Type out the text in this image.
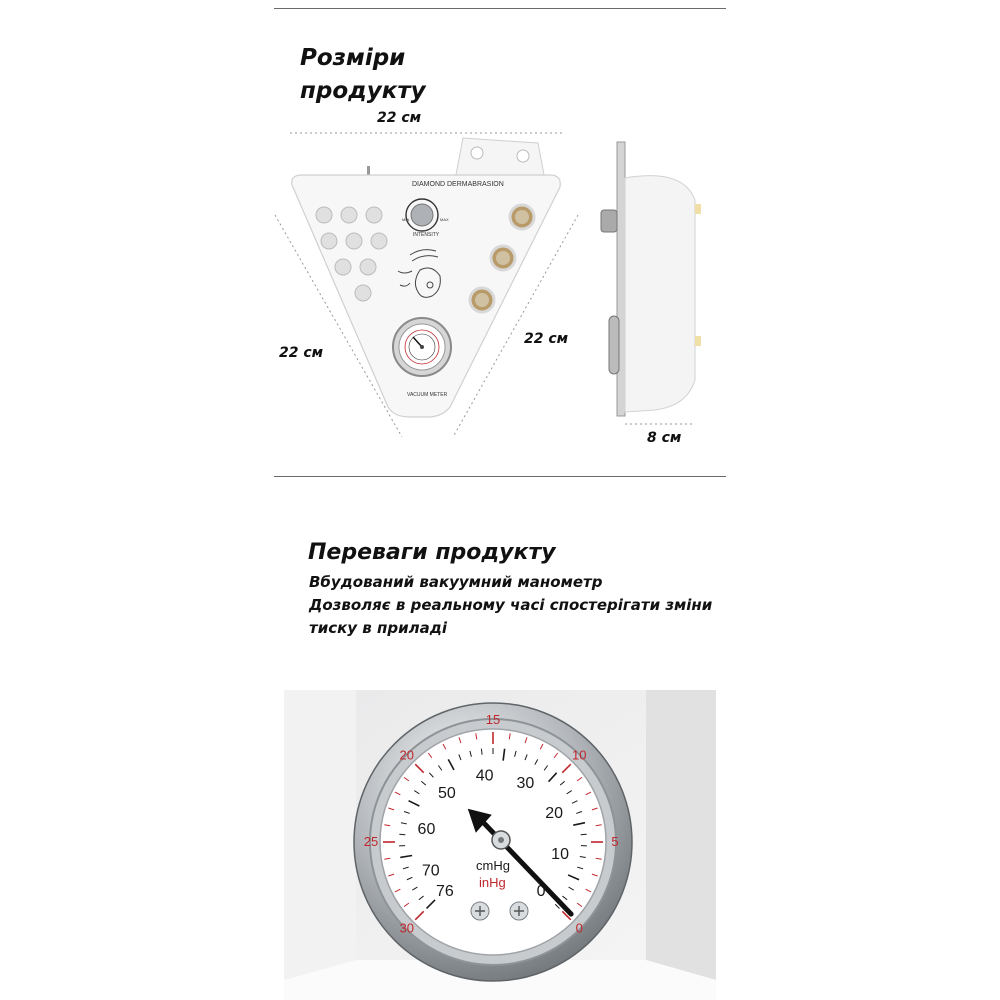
Розміри
продукту
22 см
22 см
22 см
8 см
DIAMOND DERMABRASION
MIN	MAX
INTENSITY
VACUUM METER
Переваги продукту
Вбудований вакуумний манометр
Дозволяє в реальному часі спостерігати зміни
тиску в приладі
30
25
20
15
10
5
0
76
70
60
50
40 30
20
10
0
cmHg
inHg
